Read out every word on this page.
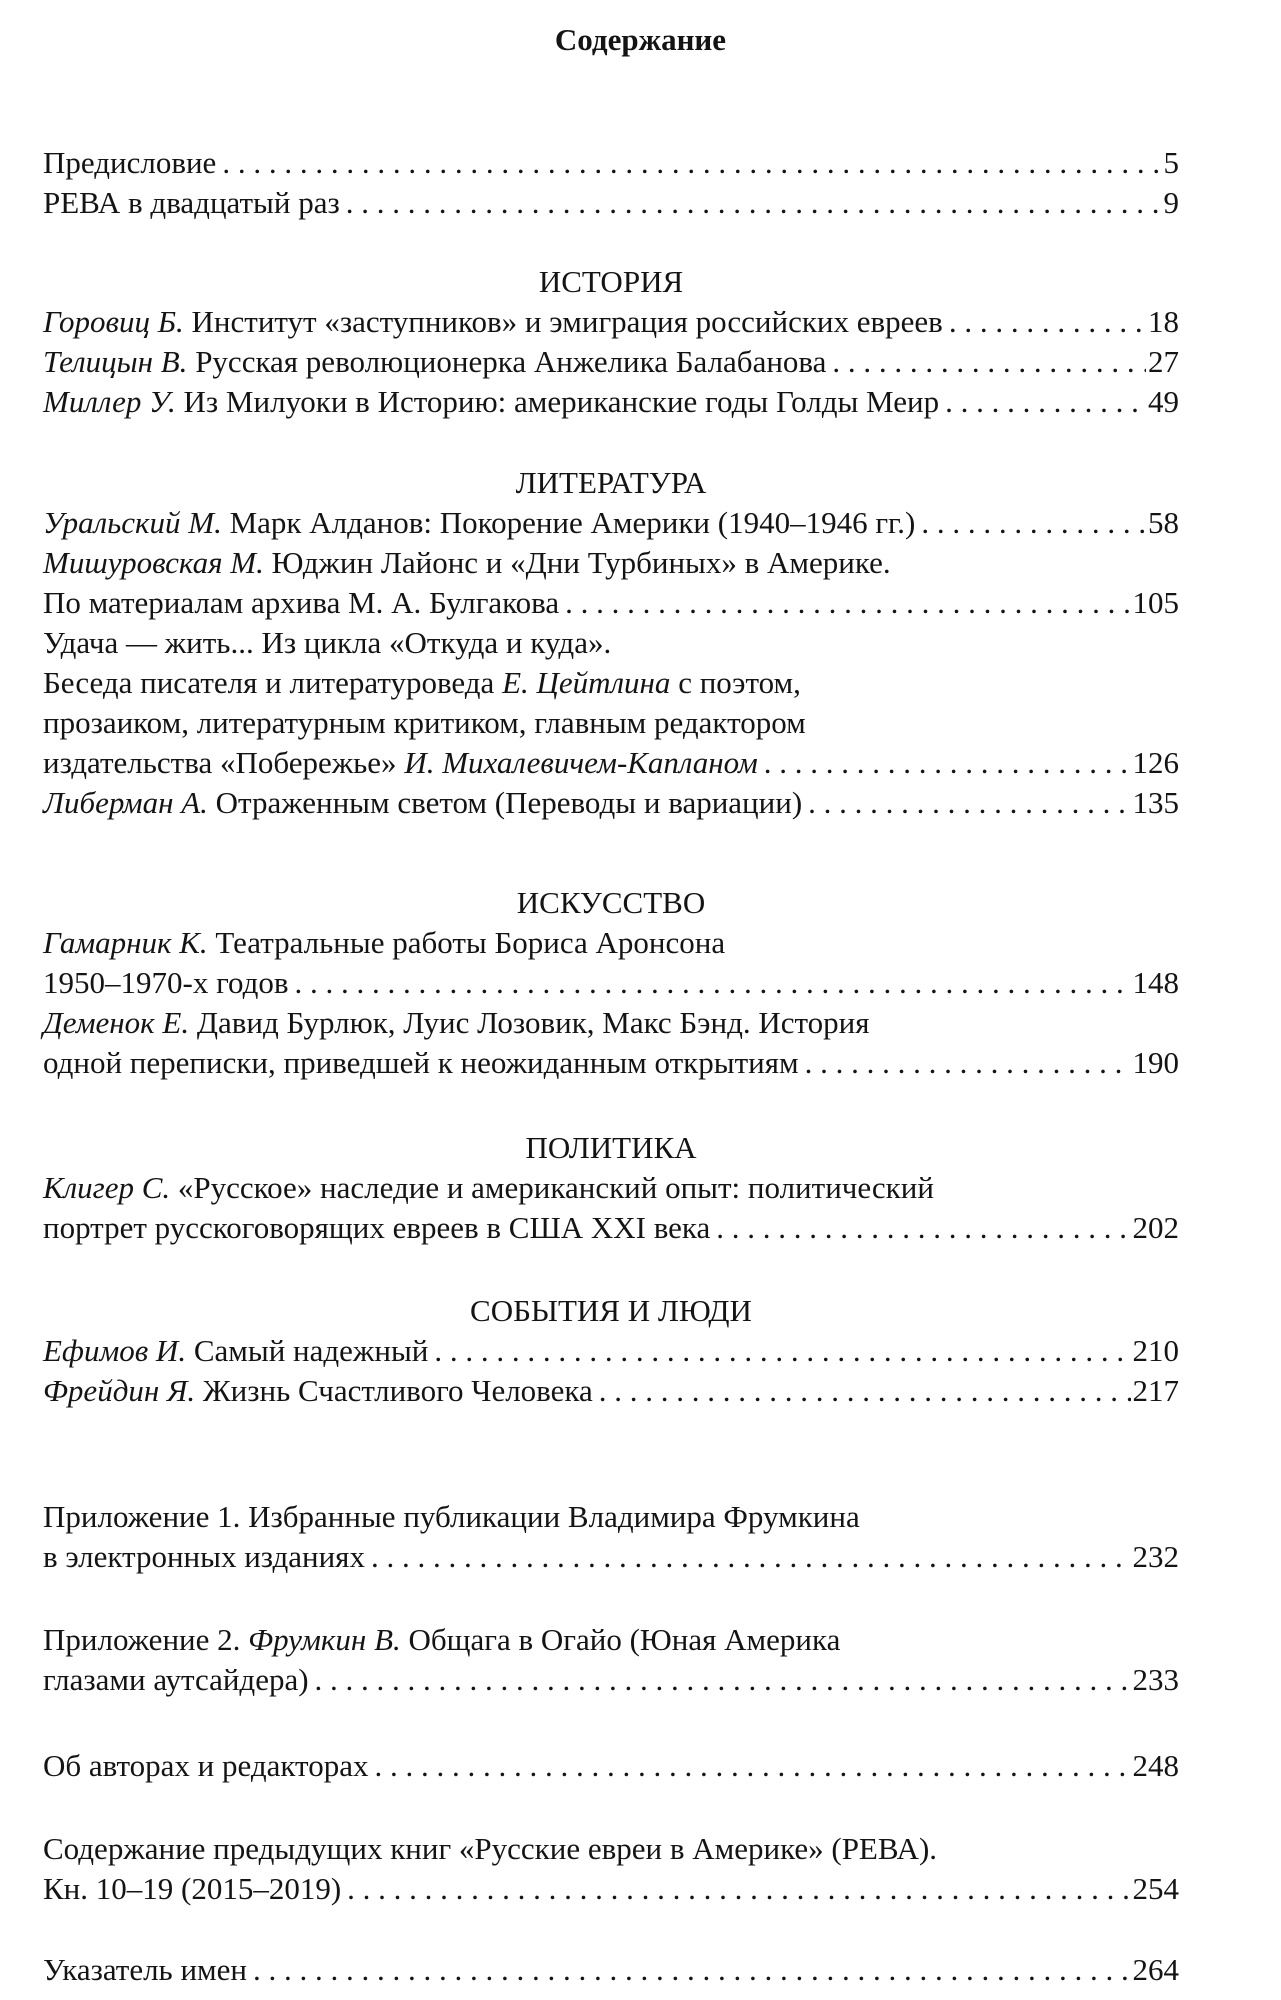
Содержание
Предисловие . . .	5
РЕВА в двадцатый раз . . .	9
ИСТОРИЯ
Горовиц Б. Институт «заступников» и эмиграция российских евреев . . .	18
Телицын В. Русская революционерка Анжелика Балабанова . . .	27
Миллер У. Из Милуоки в Историю: американские годы Голды Меир . . .	49
ЛИТЕРАТУРА
Уральский М. Марк Алданов: Покорение Америки (1940–1946 гг.) . . .	58
Мишуровская М. Юджин Лайонс и «Дни Турбиных» в Америке.
По материалам архива М. А. Булгакова . . .	105
Удача — жить... Из цикла «Откуда и куда».
Беседа писателя и литературоведа Е. Цейтлина с поэтом,
прозаиком, литературным критиком, главным редактором
издательства «Побережье» И. Михалевичем-Капланом . . .	126
Либерман А. Отраженным светом (Переводы и вариации) . . .	135
ИСКУССТВО
Гамарник К. Театральные работы Бориса Аронсона
1950–1970-х годов . . .	148
Деменок Е. Давид Бурлюк, Луис Лозовик, Макс Бэнд. История
одной переписки, приведшей к неожиданным открытиям . . .	190
ПОЛИТИКА
Клигер С. «Русское» наследие и американский опыт: политический
портрет русскоговорящих евреев в США XXI века . . .	202
СОБЫТИЯ И ЛЮДИ
Ефимов И. Самый надежный . . .	210
Фрейдин Я. Жизнь Счастливого Человека . . .	217
Приложение 1. Избранные публикации Владимира Фрумкина
в электронных изданиях . . .	232
Приложение 2. Фрумкин В. Общага в Огайо (Юная Америка
глазами аутсайдера) . . .	233
Об авторах и редакторах . . .	248
Содержание предыдущих книг «Русские евреи в Америке» (РЕВА).
Кн. 10–19 (2015–2019) . . .	254
Указатель имен . . .	264
